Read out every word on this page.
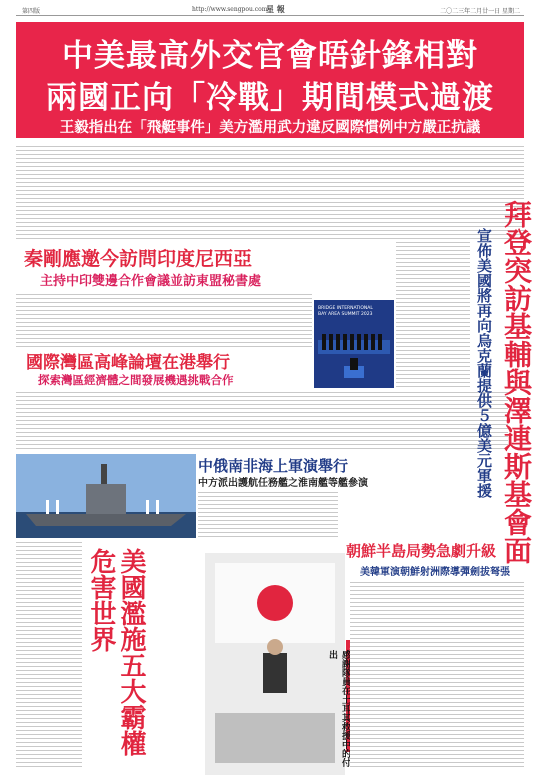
第四版	http://www.sengpou.com
星 報	二〇二三年二月廿一日 星期二
中美最高外交官會晤針鋒相對
兩國正向「冷戰」期間模式過渡
王毅指出在「飛艇事件」美方濫用武力違反國際慣例中方嚴正抗議
秦剛應邀今訪問印度尼西亞
主持中印雙邊合作會議並訪東盟秘書處
BRIDGE INTERNATIONAL
BAY AREA SUMMIT 2023
國際灣區高峰論壇在港舉行
探索灣區經濟體之間發展機遇挑戰合作	拜登突訪基輔與澤連斯基會面
宣佈美國將再向烏克蘭提供５億美元軍援
中俄南非海上軍演舉行
中方派出護航任務艦之淮南艦等艦參演
美國濫施五大霸權危害世界
感謝隊員在土耳其救援中的付出
朝鮮半島局勢急劇升級
美韓軍演朝鮮射洲際導彈劍拔弩張
